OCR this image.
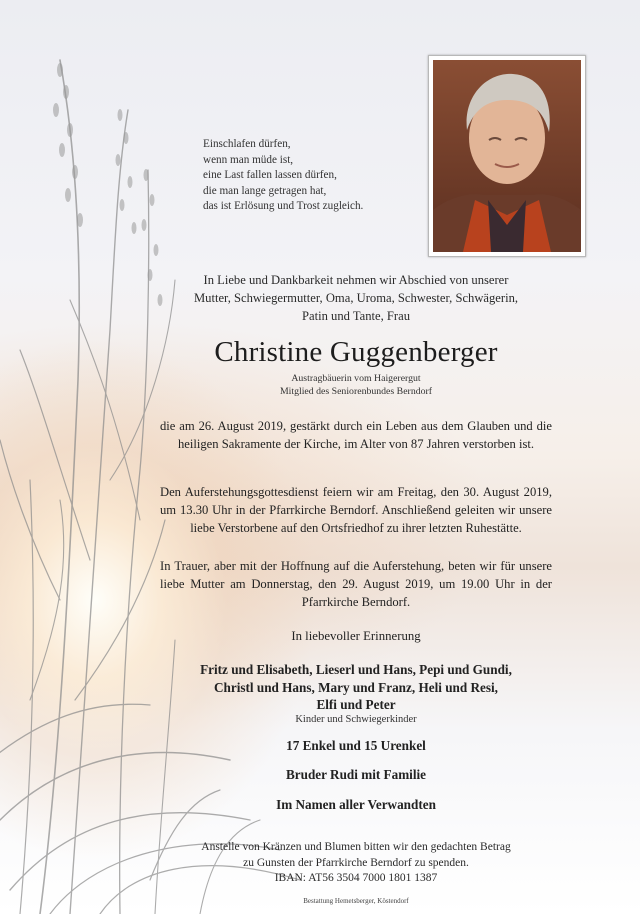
Einschlafen dürfen,
wenn man müde ist,
eine Last fallen lassen dürfen,
die man lange getragen hat,
das ist Erlösung und Trost zugleich.
In Liebe und Dankbarkeit nehmen wir Abschied von unserer
Mutter, Schwiegermutter, Oma, Uroma, Schwester, Schwägerin,
Patin und Tante, Frau
Christine Guggenberger
Austragbäuerin vom Haigerergut
Mitglied des Seniorenbundes Berndorf
die am 26. August 2019, gestärkt durch ein Leben aus dem Glauben und die heiligen Sakramente der Kirche, im Alter von 87 Jahren verstorben ist.
Den Auferstehungsgottesdienst feiern wir am Freitag, den 30. August 2019, um 13.30 Uhr in der Pfarrkirche Berndorf. Anschließend geleiten wir unsere liebe Verstorbene auf den Ortsfriedhof zu ihrer letzten Ruhestätte.
In Trauer, aber mit der Hoffnung auf die Auferstehung, beten wir für unsere liebe Mutter am Donnerstag, den 29. August 2019, um 19.00 Uhr in der Pfarrkirche Berndorf.
In liebevoller Erinnerung
Fritz und Elisabeth, Lieserl und Hans, Pepi und Gundi,
Christl und Hans, Mary und Franz, Heli und Resi,
Elfi und Peter
Kinder und Schwiegerkinder
17 Enkel und 15 Urenkel
Bruder Rudi mit Familie
Im Namen aller Verwandten
Anstelle von Kränzen und Blumen bitten wir den gedachten Betrag
zu Gunsten der Pfarrkirche Berndorf zu spenden.
IBAN: AT56 3504 7000 1801 1387
Bestattung Hemetsberger, Köstendorf
